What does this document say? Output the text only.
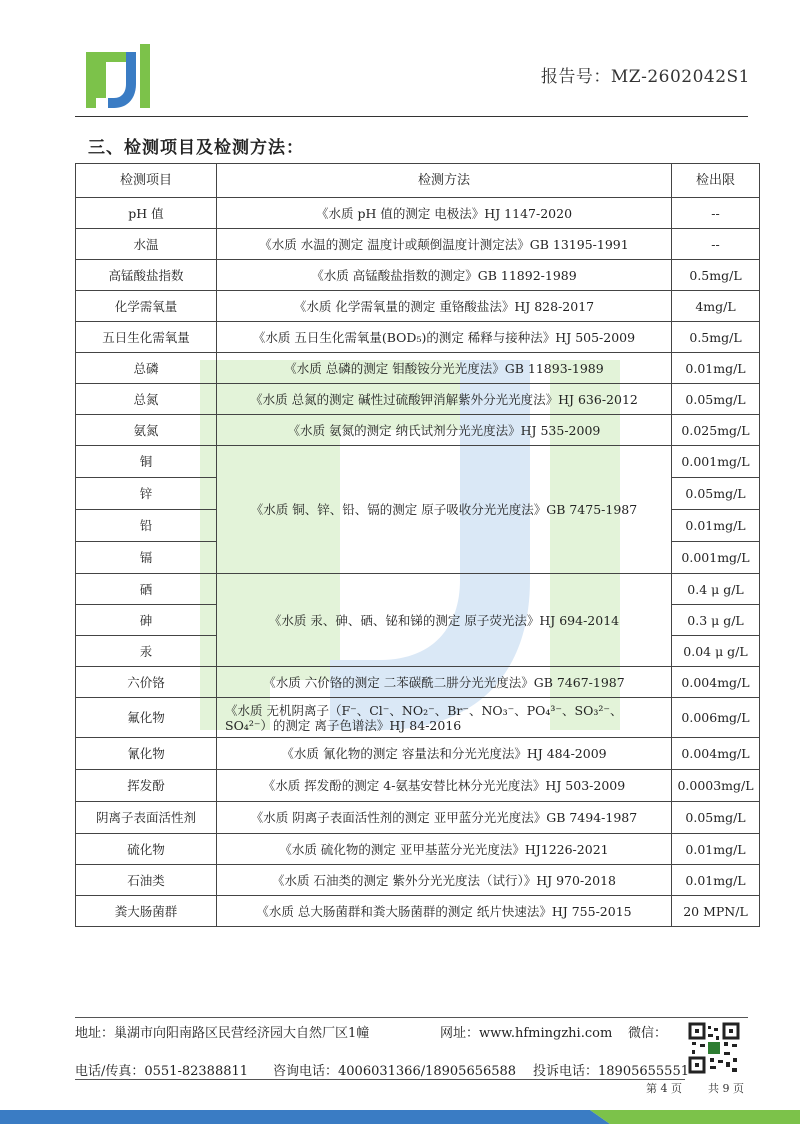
报告号：MZ-2602042S1
三、检测项目及检测方法：
检测项目	检测方法	检出限
pH 值	《水质 pH 值的测定 电极法》HJ 1147-2020	--
水温	《水质 水温的测定 温度计或颠倒温度计测定法》GB 13195-1991	--
高锰酸盐指数	《水质 高锰酸盐指数的测定》GB 11892-1989	0.5mg/L
化学需氧量	《水质 化学需氧量的测定 重铬酸盐法》HJ 828-2017	4mg/L
五日生化需氧量	《水质 五日生化需氧量(BOD₅)的测定 稀释与接种法》HJ 505-2009	0.5mg/L
总磷	《水质 总磷的测定 钼酸铵分光光度法》GB 11893-1989	0.01mg/L
总氮	《水质 总氮的测定 碱性过硫酸钾消解紫外分光光度法》HJ 636-2012	0.05mg/L
氨氮	《水质 氨氮的测定 纳氏试剂分光光度法》HJ 535-2009	0.025mg/L
铜	《水质 铜、锌、铅、镉的测定 原子吸收分光光度法》GB 7475-1987	0.001mg/L
锌		0.05mg/L
铅		0.01mg/L
镉		0.001mg/L
硒	《水质 汞、砷、硒、铋和锑的测定 原子荧光法》HJ 694-2014	0.4 μ g/L
砷		0.3 μ g/L
汞		0.04 μ g/L
六价铬	《水质 六价铬的测定 二苯碳酰二肼分光光度法》GB 7467-1987	0.004mg/L
氟化物	《水质 无机阴离子（F⁻、Cl⁻、NO₂⁻、Br⁻、NO₃⁻、PO₄³⁻、SO₃²⁻、SO₄²⁻）的测定 离子色谱法》HJ 84-2016	0.006mg/L
氰化物	《水质 氰化物的测定 容量法和分光光度法》HJ 484-2009	0.004mg/L
挥发酚	《水质 挥发酚的测定 4-氨基安替比林分光光度法》HJ 503-2009	0.0003mg/L
阴离子表面活性剂	《水质 阴离子表面活性剂的测定 亚甲蓝分光光度法》GB 7494-1987	0.05mg/L
硫化物	《水质 硫化物的测定 亚甲基蓝分光光度法》HJ1226-2021	0.01mg/L
石油类	《水质 石油类的测定 紫外分光光度法（试行）》HJ 970-2018	0.01mg/L
粪大肠菌群	《水质 总大肠菌群和粪大肠菌群的测定 纸片快速法》HJ 755-2015	20 MPN/L
地址：巢湖市向阳南路区民营经济园大自然厂区1幢	网址：www.hfmingzhi.com 微信：
电话/传真：0551-82388811 咨询电话：4006031366/18905656588 投诉电话：18905655551
第 4 页 共 9 页
